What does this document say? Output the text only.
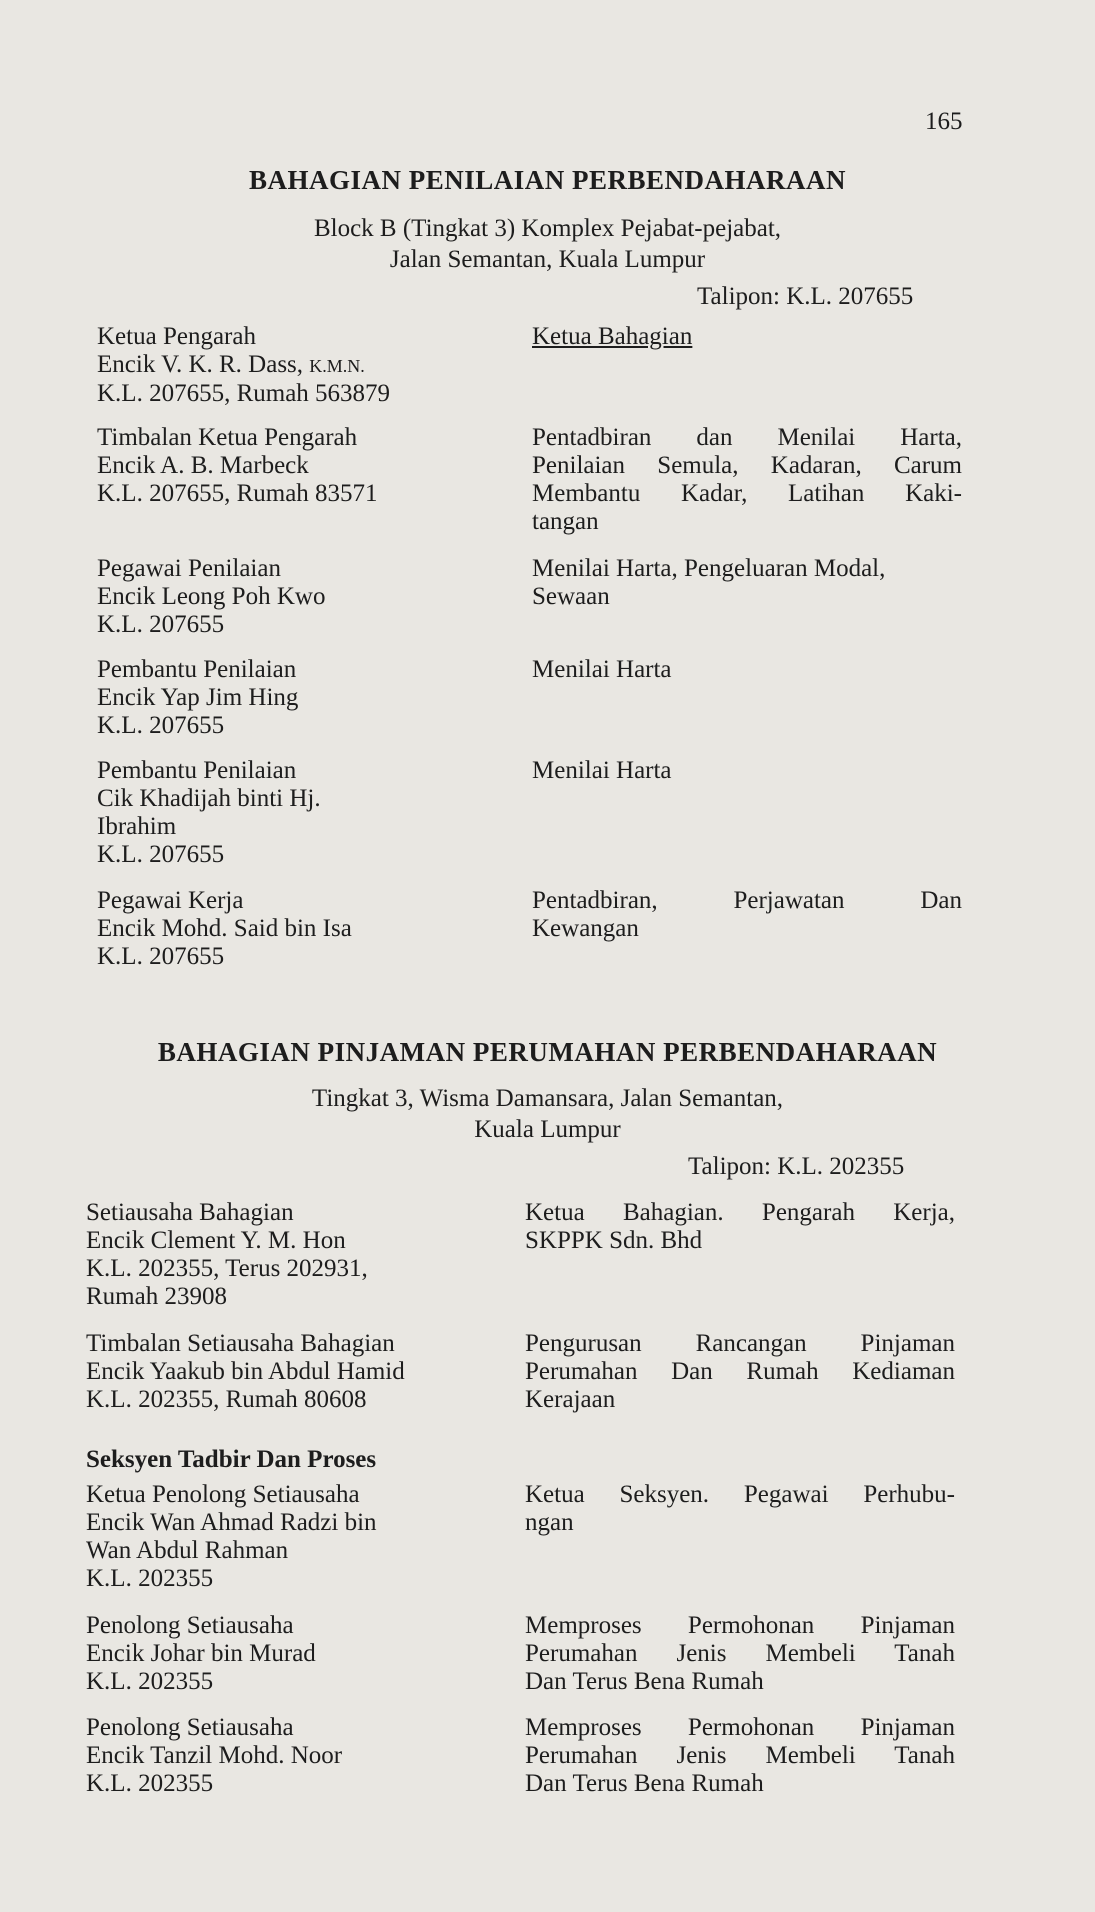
165
BAHAGIAN PENILAIAN PERBENDAHARAAN
Block B (Tingkat 3) Komplex Pejabat-pejabat,
Jalan Semantan, Kuala Lumpur
Talipon: K.L. 207655
Ketua Pengarah
Encik V. K. R. Dass, K.M.N.
K.L. 207655, Rumah 563879
Ketua Bahagian
Timbalan Ketua Pengarah
Encik A. B. Marbeck
K.L. 207655, Rumah 83571
Pentadbiran dan Menilai Harta,
Penilaian Semula, Kadaran, Carum
Membantu Kadar, Latihan Kaki-
tangan
Pegawai Penilaian
Encik Leong Poh Kwo
K.L. 207655
Menilai Harta, Pengeluaran Modal,
Sewaan
Pembantu Penilaian
Encik Yap Jim Hing
K.L. 207655
Menilai Harta
Pembantu Penilaian
Cik Khadijah binti Hj.
Ibrahim
K.L. 207655
Menilai Harta
Pegawai Kerja
Encik Mohd. Said bin Isa
K.L. 207655
Pentadbiran, Perjawatan Dan
Kewangan
BAHAGIAN PINJAMAN PERUMAHAN PERBENDAHARAAN
Tingkat 3, Wisma Damansara, Jalan Semantan,
Kuala Lumpur
Talipon: K.L. 202355
Setiausaha Bahagian
Encik Clement Y. M. Hon
K.L. 202355, Terus 202931,
Rumah 23908
Ketua Bahagian. Pengarah Kerja,
SKPPK Sdn. Bhd
Timbalan Setiausaha Bahagian
Encik Yaakub bin Abdul Hamid
K.L. 202355, Rumah 80608
Pengurusan Rancangan Pinjaman
Perumahan Dan Rumah Kediaman
Kerajaan
Seksyen Tadbir Dan Proses
Ketua Penolong Setiausaha
Encik Wan Ahmad Radzi bin
Wan Abdul Rahman
K.L. 202355
Ketua Seksyen. Pegawai Perhubu-
ngan
Penolong Setiausaha
Encik Johar bin Murad
K.L. 202355
Memproses Permohonan Pinjaman
Perumahan Jenis Membeli Tanah
Dan Terus Bena Rumah
Penolong Setiausaha
Encik Tanzil Mohd. Noor
K.L. 202355
Memproses Permohonan Pinjaman
Perumahan Jenis Membeli Tanah
Dan Terus Bena Rumah
